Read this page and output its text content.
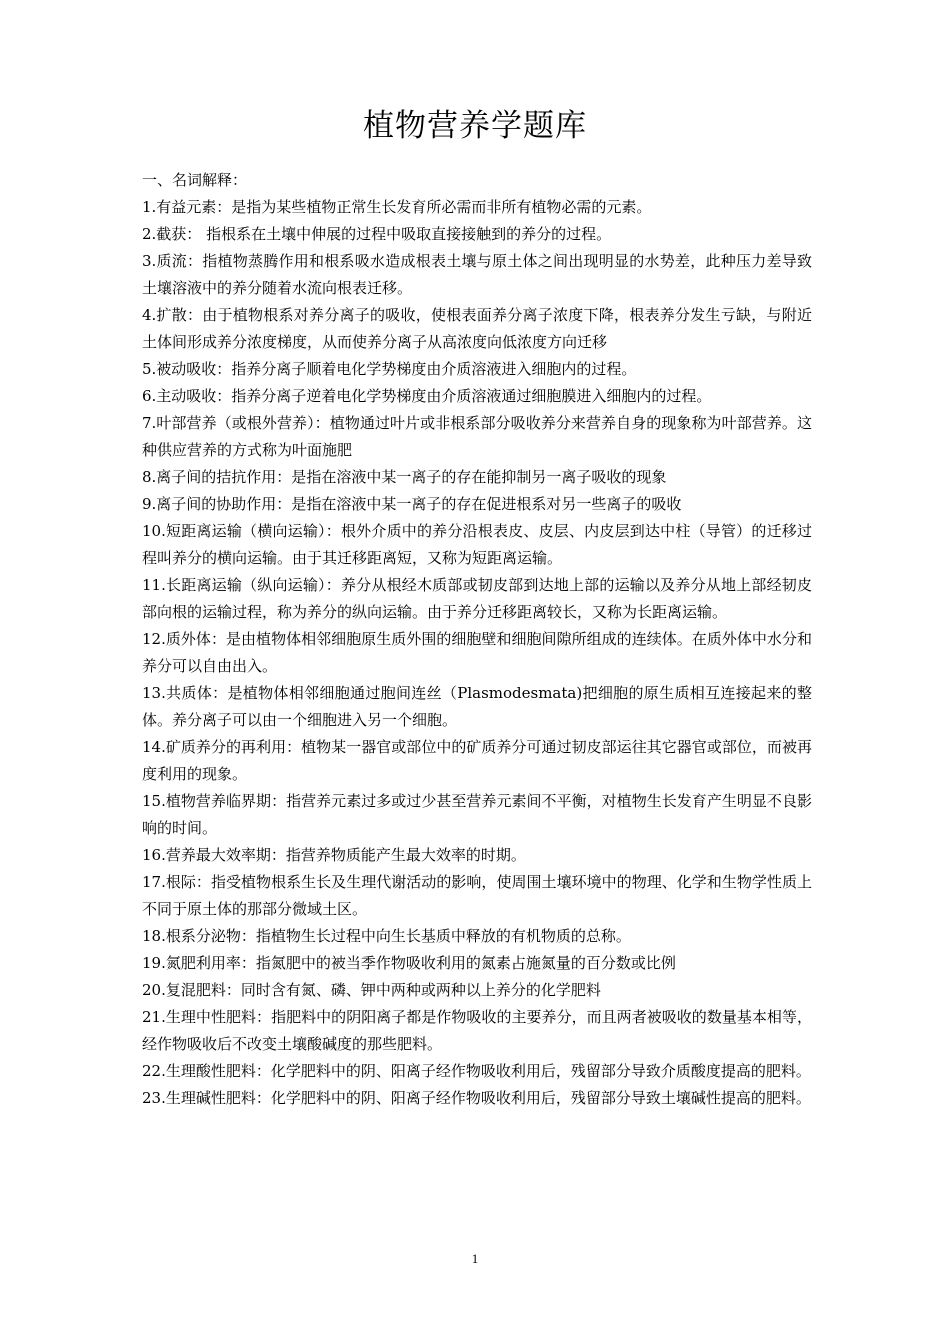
植物营养学题库

一、名词解释：

1.有益元素：是指为某些植物正常生长发育所必需而非所有植物必需的元素。

2.截获： 指根系在土壤中伸展的过程中吸取直接接触到的养分的过程。

3.质流：指植物蒸腾作用和根系吸水造成根表土壤与原土体之间出现明显的水势差，此种压力差导致土壤溶液中的养分随着水流向根表迁移。

4.扩散：由于植物根系对养分离子的吸收，使根表面养分离子浓度下降，根表养分发生亏缺，与附近土体间形成养分浓度梯度，从而使养分离子从高浓度向低浓度方向迁移

5.被动吸收：指养分离子顺着电化学势梯度由介质溶液进入细胞内的过程。

6.主动吸收：指养分离子逆着电化学势梯度由介质溶液通过细胞膜进入细胞内的过程。

7.叶部营养（或根外营养）：植物通过叶片或非根系部分吸收养分来营养自身的现象称为叶部营养。这种供应营养的方式称为叶面施肥

8.离子间的拮抗作用：是指在溶液中某一离子的存在能抑制另一离子吸收的现象

9.离子间的协助作用：是指在溶液中某一离子的存在促进根系对另一些离子的吸收

10.短距离运输（横向运输）：根外介质中的养分沿根表皮、皮层、内皮层到达中柱（导管）的迁移过程叫养分的横向运输。由于其迁移距离短，又称为短距离运输。

11.长距离运输（纵向运输）：养分从根经木质部或韧皮部到达地上部的运输以及养分从地上部经韧皮部向根的运输过程，称为养分的纵向运输。由于养分迁移距离较长，又称为长距离运输。

12.质外体：是由植物体相邻细胞原生质外围的细胞壁和细胞间隙所组成的连续体。在质外体中水分和养分可以自由出入。

13.共质体：是植物体相邻细胞通过胞间连丝（Plasmodesmata)把细胞的原生质相互连接起来的整体。养分离子可以由一个细胞进入另一个细胞。

14.矿质养分的再利用：植物某一器官或部位中的矿质养分可通过韧皮部运往其它器官或部位，而被再度利用的现象。

15.植物营养临界期：指营养元素过多或过少甚至营养元素间不平衡，对植物生长发育产生明显不良影响的时间。

16.营养最大效率期：指营养物质能产生最大效率的时期。

17.根际：指受植物根系生长及生理代谢活动的影响，使周围土壤环境中的物理、化学和生物学性质上不同于原土体的那部分微域土区。

18.根系分泌物：指植物生长过程中向生长基质中释放的有机物质的总称。

19.氮肥利用率：指氮肥中的被当季作物吸收利用的氮素占施氮量的百分数或比例

20.复混肥料：同时含有氮、磷、钾中两种或两种以上养分的化学肥料

21.生理中性肥料：指肥料中的阴阳离子都是作物吸收的主要养分，而且两者被吸收的数量基本相等，经作物吸收后不改变土壤酸碱度的那些肥料。

22.生理酸性肥料：化学肥料中的阴、阳离子经作物吸收利用后，残留部分导致介质酸度提高的肥料。

23.生理碱性肥料：化学肥料中的阴、阳离子经作物吸收利用后，残留部分导致土壤碱性提高的肥料。

1
